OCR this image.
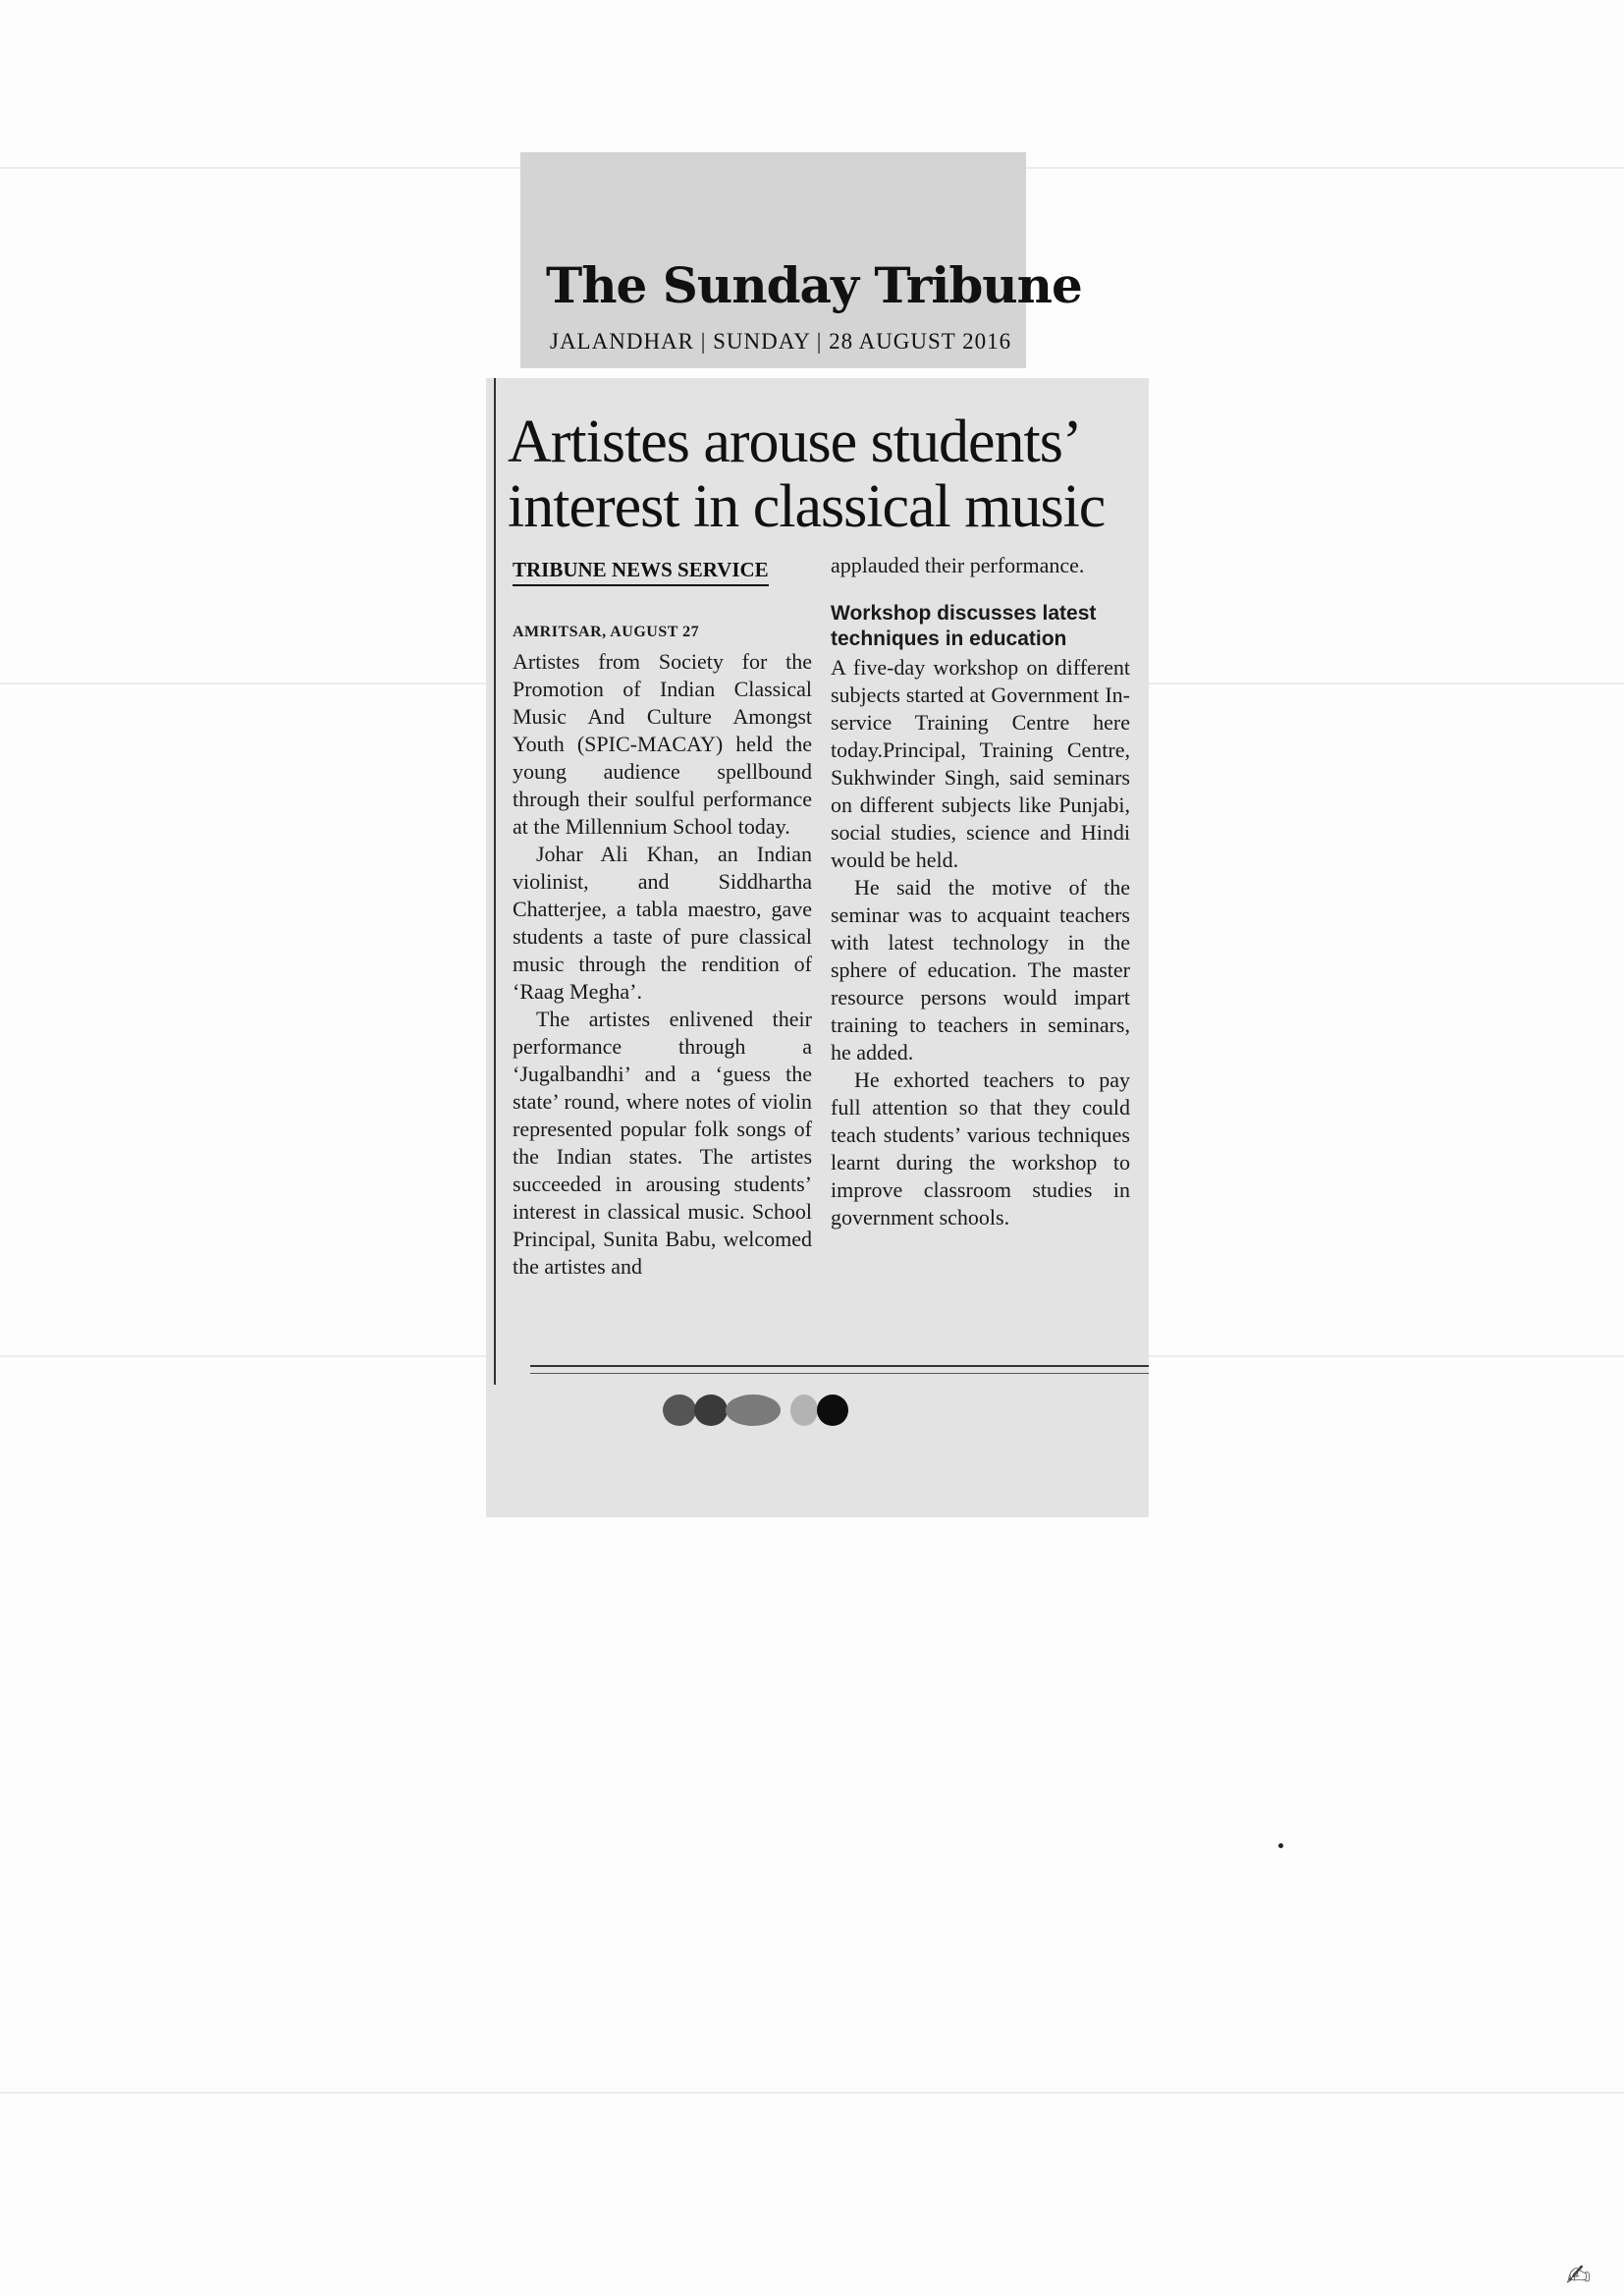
The Sunday Tribune
JALANDHAR | SUNDAY | 28 AUGUST 2016
Artistes arouse students’ interest in classical music
TRIBUNE NEWS SERVICE
AMRITSAR, AUGUST 27

Artistes from Society for the Promotion of Indian Classical Music And Culture Amongst Youth (SPIC-MACAY) held the young audience spellbound through their soulful performance at the Millennium School today.

Johar Ali Khan, an Indian violinist, and Siddhartha Chatterjee, a tabla maestro, gave students a taste of pure classical music through the rendition of ‘Raag Megha’.

The artistes enlivened their performance through a ‘Jugalbandhi’ and a ‘guess the state’ round, where notes of violin represented popular folk songs of the Indian states. The artistes succeeded in arousing students’ interest in classical music. School Principal, Sunita Babu, welcomed the artistes and

applauded their performance.

Workshop discusses latest techniques in education

A five-day workshop on different subjects started at Government In-service Training Centre here today.Principal, Training Centre, Sukhwinder Singh, said seminars on different subjects like Punjabi, social studies, science and Hindi would be held.

He said the motive of the seminar was to acquaint teachers with latest technology in the sphere of education. The master resource persons would impart training to teachers in seminars, he added.

He exhorted teachers to pay full attention so that they could teach students’ various techniques learnt during the workshop to improve classroom studies in government schools.

✍
